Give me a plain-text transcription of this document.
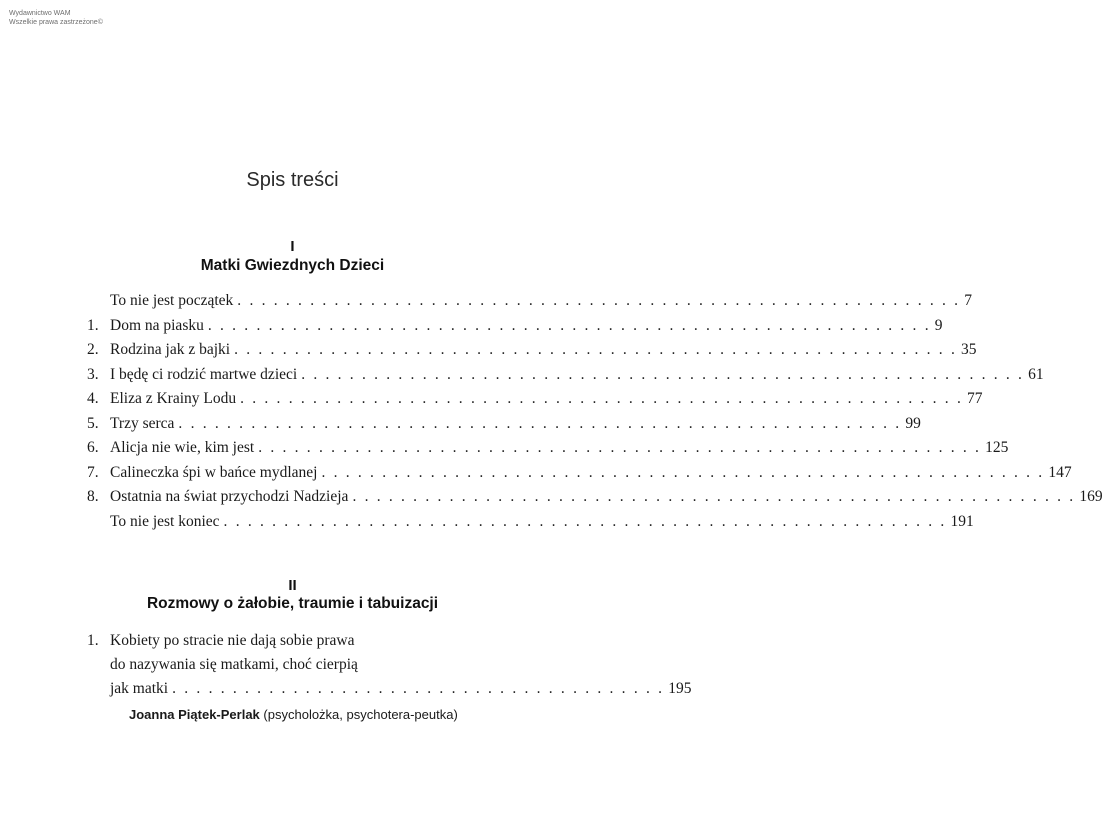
Wydawnictwo WAM
Wszelkie prawa zastrzeżone©
Spis treści
I
Matki Gwiezdnych Dzieci
To nie jest początek . . . . . . . . . . . . . . . . . . . . . . . . . . . . . . . . . . . . . . . . . . . . . . . . . . . . . . . . . . . . 7
1. Dom na piasku . . . . . . . . . . . . . . . . . . . . . . . . . . . . . . . . . . . . . . . . . . . . . . . . . . . . . . . . . . . . 9
2. Rodzina jak z bajki . . . . . . . . . . . . . . . . . . . . . . . . . . . . . . . . . . . . . . . . . . . . . . . . . . . . . . . . . . . . 35
3. I będę ci rodzić martwe dzieci . . . . . . . . . . . . . . . . . . . . . . . . . . . . . . . . . . . . . . . . . . . . . . . . . . . . . . . . . . . . 61
4. Eliza z Krainy Lodu . . . . . . . . . . . . . . . . . . . . . . . . . . . . . . . . . . . . . . . . . . . . . . . . . . . . . . . . . . . . 77
5. Trzy serca . . . . . . . . . . . . . . . . . . . . . . . . . . . . . . . . . . . . . . . . . . . . . . . . . . . . . . . . . . . . 99
6. Alicja nie wie, kim jest . . . . . . . . . . . . . . . . . . . . . . . . . . . . . . . . . . . . . . . . . . . . . . . . . . . . . . . . . . . . 125
7. Calineczka śpi w bańce mydlanej . . . . . . . . . . . . . . . . . . . . . . . . . . . . . . . . . . . . . . . . . . . . . . . . . . . . . . . . . . . . 147
8. Ostatnia na świat przychodzi Nadzieja . . . . . . . . . . . . . . . . . . . . . . . . . . . . . . . . . . . . . . . . . . . . . . . . . . . . . . . . . . . . 169
To nie jest koniec . . . . . . . . . . . . . . . . . . . . . . . . . . . . . . . . . . . . . . . . . . . . . . . . . . . . . . . . . . . . 191
II
Rozmowy o żałobie, traumie i tabuizacji
1. Kobiety po stracie nie dają sobie prawa
do nazywania się matkami, choć cierpią
jak matki . . . . . . . . . . . . . . . . . . . . . . . . . . . . . . . . . . . . . . . . . 195
Joanna Piątek-Perlak (psycholożka, psychotera-peutka)
